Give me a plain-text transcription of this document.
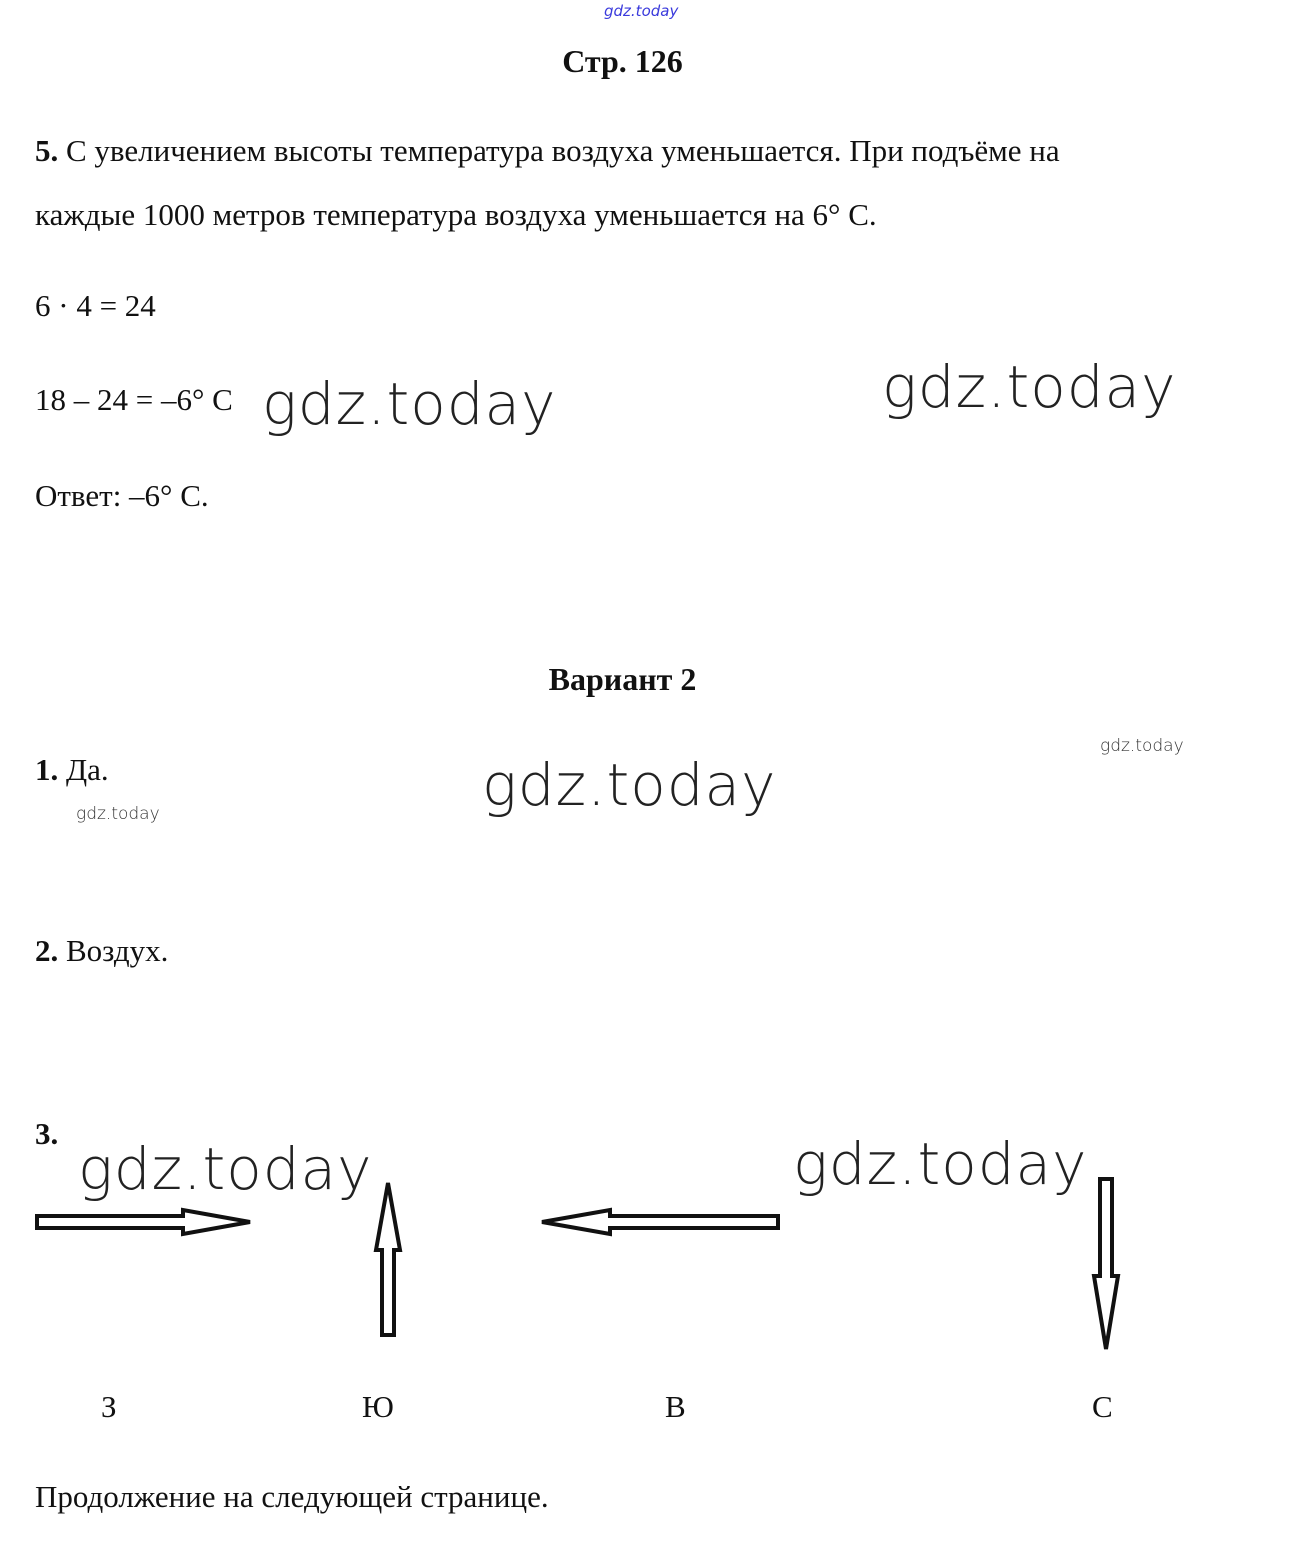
gdz.today
Стр. 126
5. С увеличением высоты температура воздуха уменьшается. При подъёме на
каждые 1000 метров температура воздуха уменьшается на 6° С.
6 · 4 = 24
18 – 24 = –6° С
Ответ: –6° С.
gdz.today	gdz.today
Вариант 2
gdz.today
1. Да.	gdz.today
gdz.today
2. Воздух.
3.
gdz.today	gdz.today
З	Ю	В	С
Продолжение на следующей странице.
